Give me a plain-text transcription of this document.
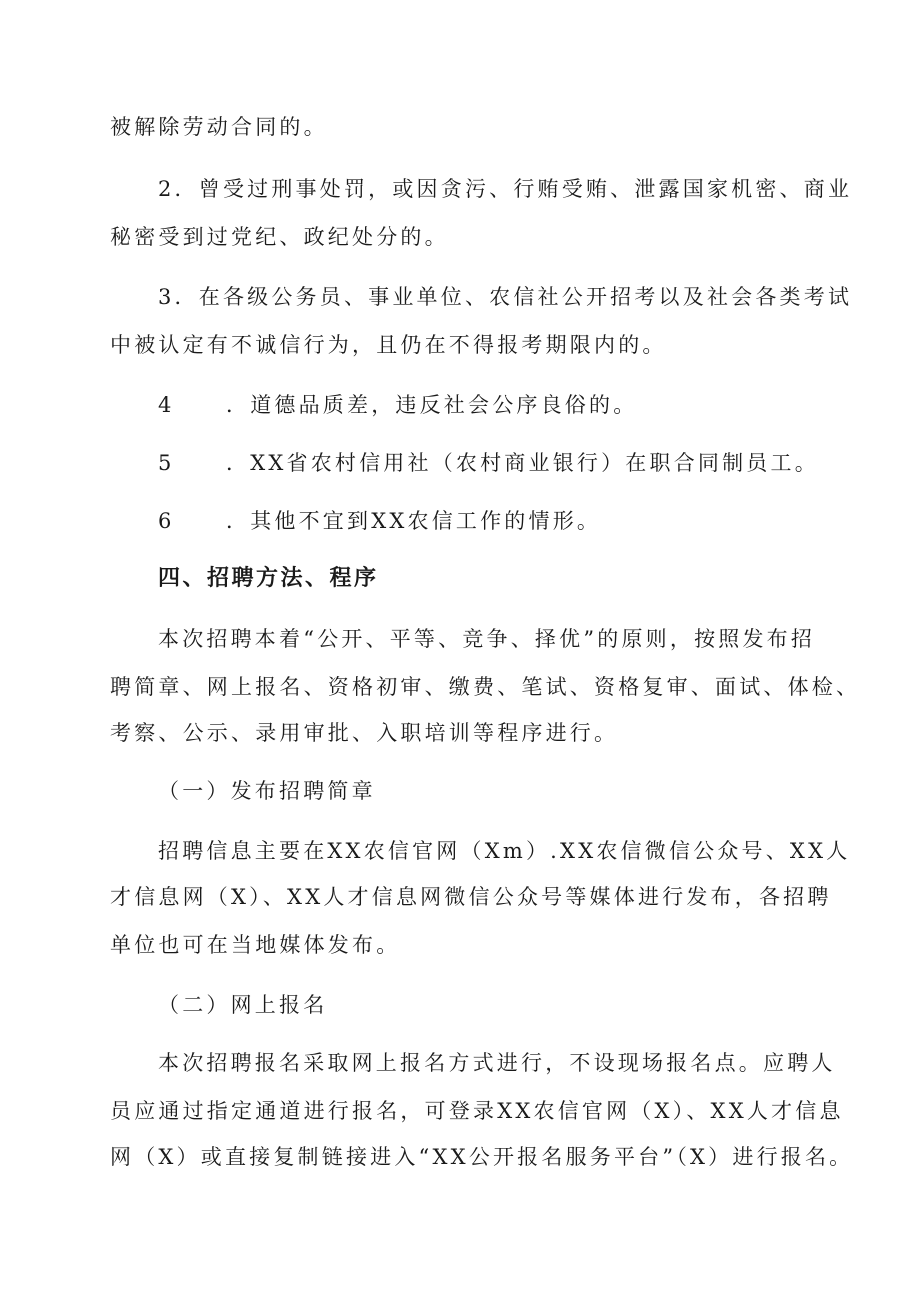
被解除劳动合同的。
2．曾受过刑事处罚，或因贪污、行贿受贿、泄露国家机密、商业
秘密受到过党纪、政纪处分的。
3．在各级公务员、事业单位、农信社公开招考以及社会各类考试
中被认定有不诚信行为，且仍在不得报考期限内的。
4 ．道德品质差，违反社会公序良俗的。
5 ．XX省农村信用社（农村商业银行）在职合同制员工。
6 ．其他不宜到XX农信工作的情形。
四、招聘方法、程序
本次招聘本着“公开、平等、竞争、择优”的原则，按照发布招
聘简章、网上报名、资格初审、缴费、笔试、资格复审、面试、体检、
考察、公示、录用审批、入职培训等程序进行。
（一）发布招聘简章
招聘信息主要在XX农信官网（Xm）.XX农信微信公众号、XX人
才信息网（X）、XX人才信息网微信公众号等媒体进行发布，各招聘
单位也可在当地媒体发布。
（二）网上报名
本次招聘报名采取网上报名方式进行，不设现场报名点。应聘人
员应通过指定通道进行报名，可登录XX农信官网（X）、XX人才信息
网（X）或直接复制链接进入“XX公开报名服务平台”（X）进行报名。
